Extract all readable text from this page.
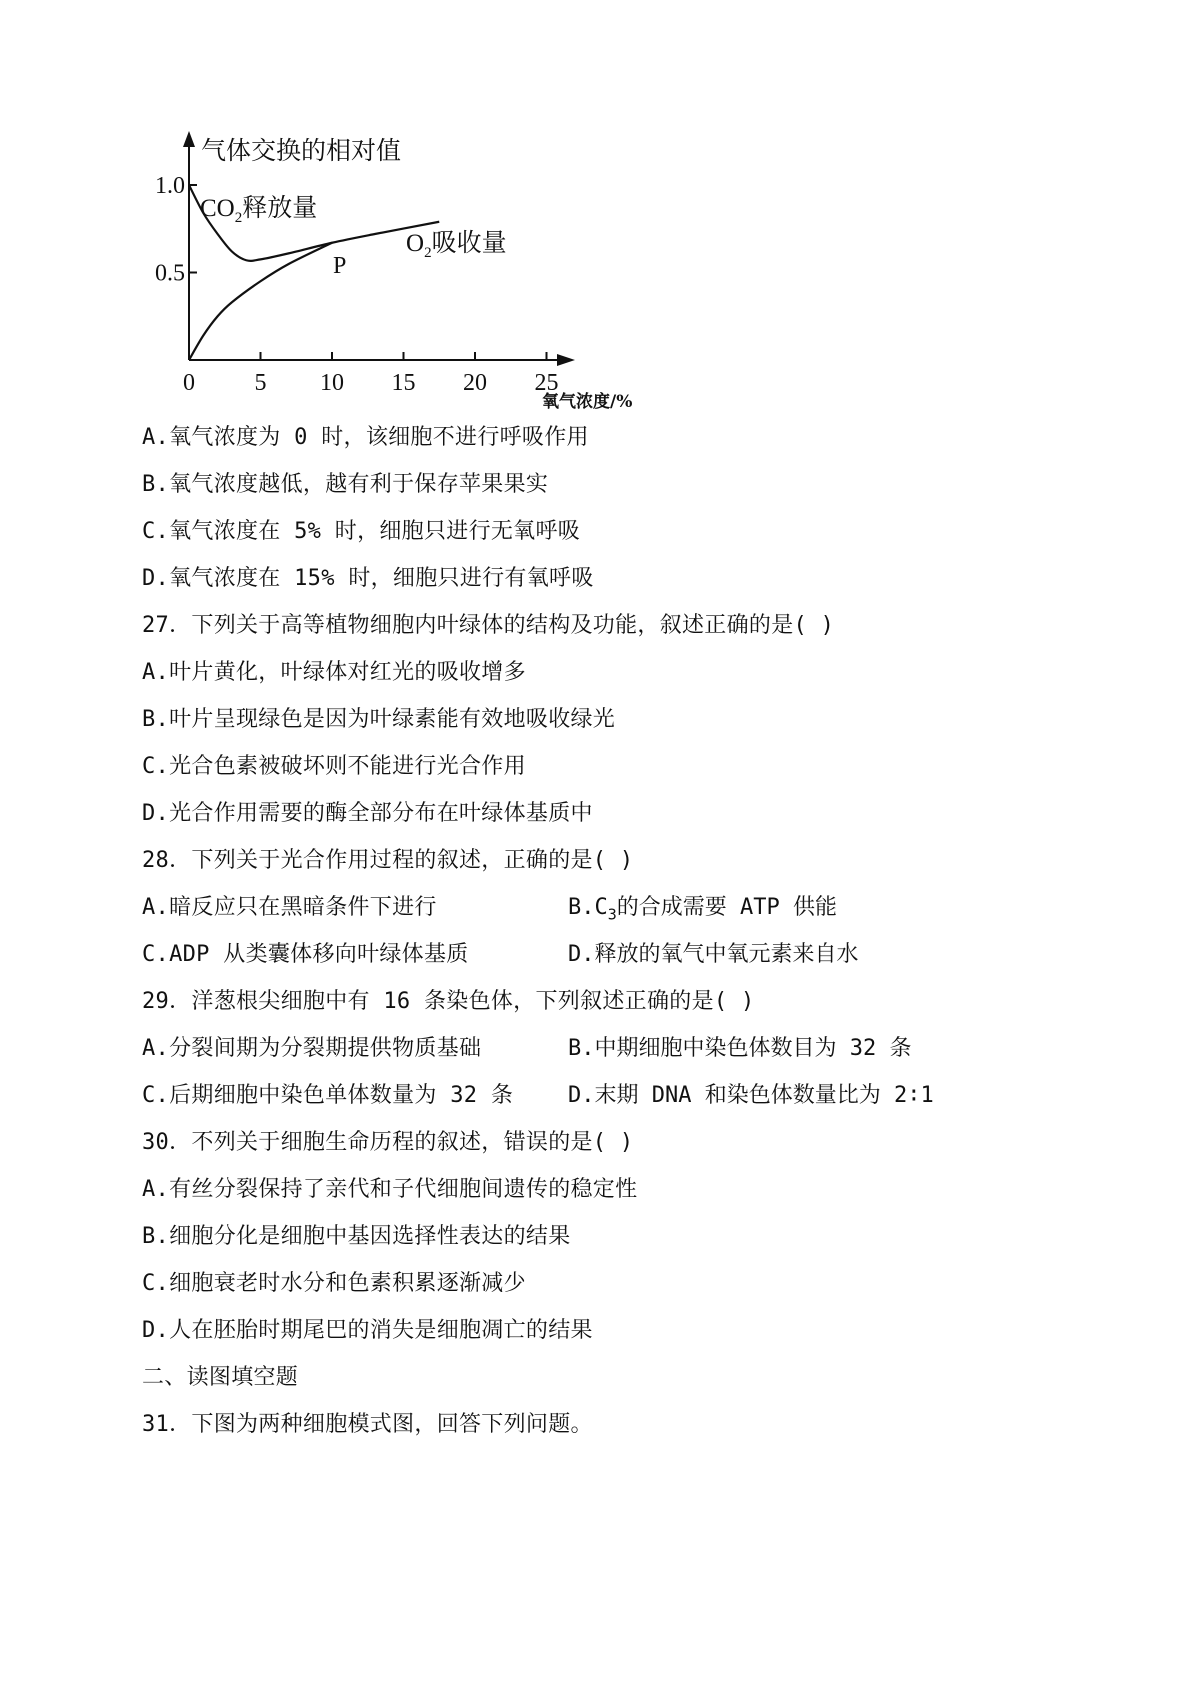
0 5 10 15 20 25
0.5
1.0
气体交换的相对值
氧气浓度/%
$CO_2$释放量
$O_2$吸收量
P
A.氧气浓度为 0 时，该细胞不进行呼吸作用
B.氧气浓度越低，越有利于保存苹果果实
C.氧气浓度在 5% 时，细胞只进行无氧呼吸
D.氧气浓度在 15% 时，细胞只进行有氧呼吸
27．下列关于高等植物细胞内叶绿体的结构及功能，叙述正确的是( )
A.叶片黄化，叶绿体对红光的吸收增多
B.叶片呈现绿色是因为叶绿素能有效地吸收绿光
C.光合色素被破坏则不能进行光合作用
D.光合作用需要的酶全部分布在叶绿体基质中
28．下列关于光合作用过程的叙述，正确的是( )
A.暗反应只在黑暗条件下进行	$B.C_3$的合成需要 ATP 供能
C.ADP 从类囊体移向叶绿体基质	D.释放的氧气中氧元素来自水
29．洋葱根尖细胞中有 16 条染色体，下列叙述正确的是( )
A.分裂间期为分裂期提供物质基础	B.中期细胞中染色体数目为 32 条
C.后期细胞中染色单体数量为 32 条 D.末期 DNA 和染色体数量比为 2∶1
30．不列关于细胞生命历程的叙述，错误的是( )
A.有丝分裂保持了亲代和子代细胞间遗传的稳定性
B.细胞分化是细胞中基因选择性表达的结果
C.细胞衰老时水分和色素积累逐渐减少
D.人在胚胎时期尾巴的消失是细胞凋亡的结果
二、读图填空题
31．下图为两种细胞模式图，回答下列问题。
